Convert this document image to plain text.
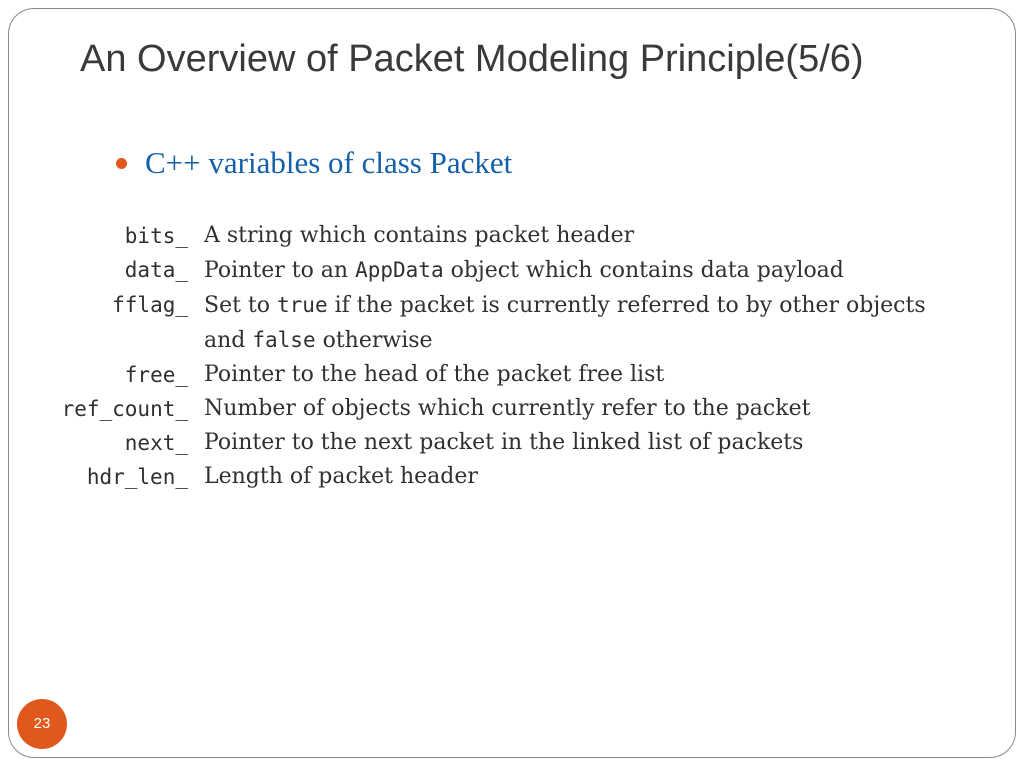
An Overview of Packet Modeling Principle(5/6)
C++ variables of class Packet
bits_	A string which contains packet header
data_	Pointer to an AppData object which contains data payload
fflag_	Set to true if the packet is currently referred to by other objects
	and false otherwise
free_	Pointer to the head of the packet free list
ref_count_	Number of objects which currently refer to the packet
next_	Pointer to the next packet in the linked list of packets
hdr_len_	Length of packet header
23
